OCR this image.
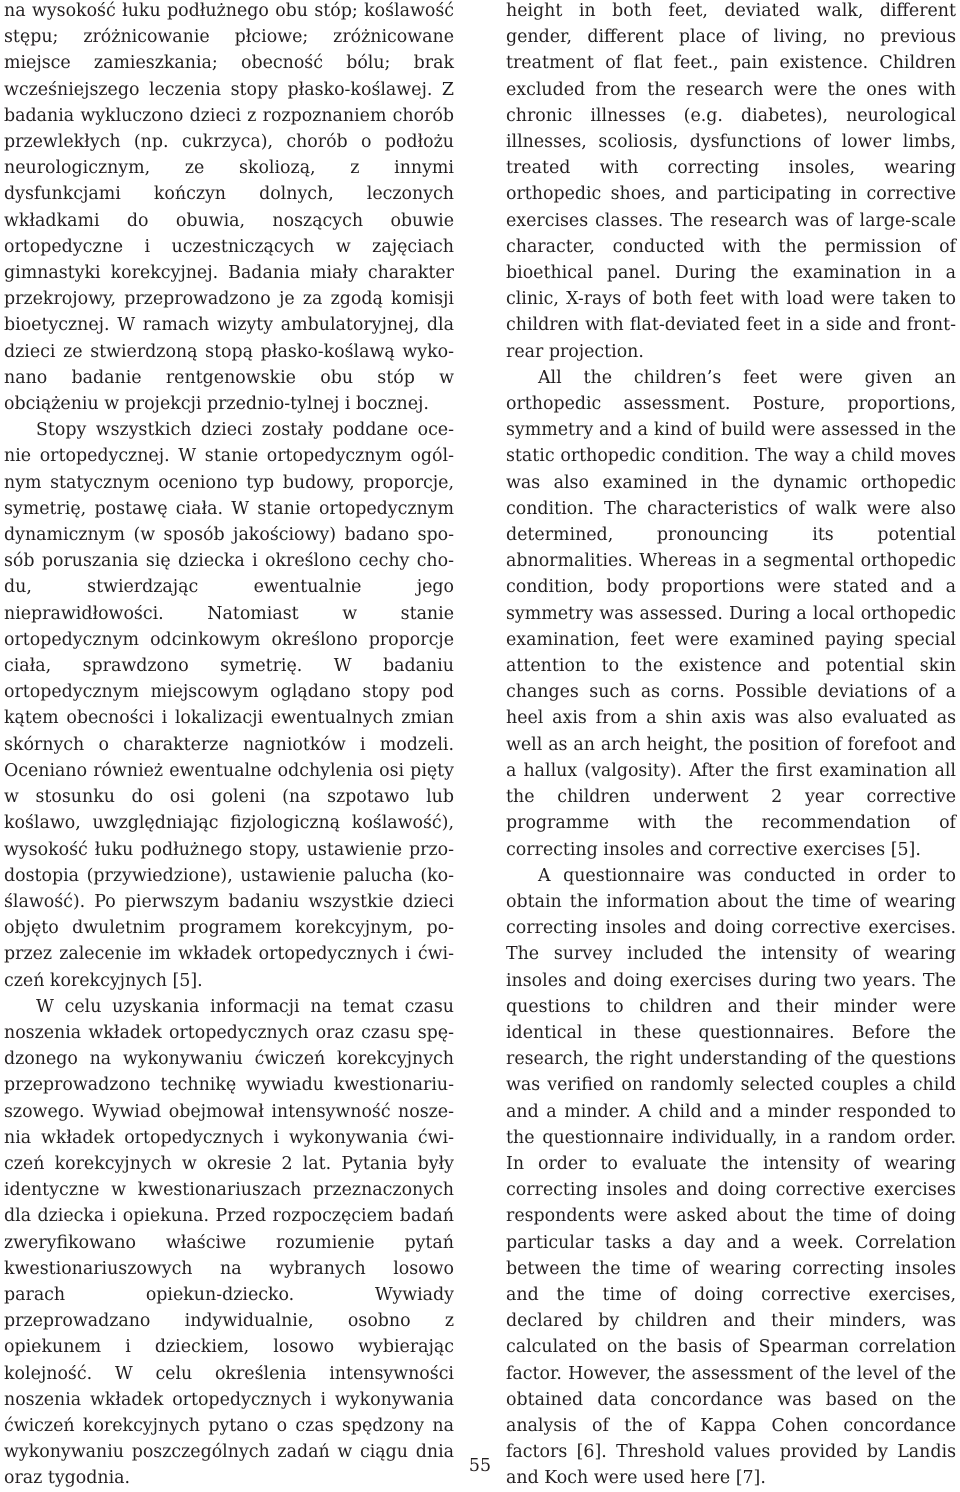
na wysokość łuku podłużnego obu stóp; koślawość stępu; zróżnicowanie płciowe; zróżnicowane miejsce zamieszkania; obecność bólu; brak wcześniejszego leczenia stopy płasko-koślawej. Z badania wykluczono dzieci z rozpoznaniem chorób przewlekłych (np. cukrzyca), chorób o podłożu neurologicznym, ze skoliozą, z innymi dysfunkcjami kończyn dolnych, leczonych wkładkami do obuwia, noszących obuwie ortopedyczne i uczestniczących w zajęciach gimnastyki korekcyjnej. Badania miały charakter przekrojowy, przeprowadzono je za zgodą komisji bioetycznej. W ramach wizyty ambulatoryjnej, dla dzieci ze stwierdzoną stopą płasko-koślawą wykonano badanie rentgenowskie obu stóp w obciążeniu w projekcji przednio-tylnej i bocznej.

Stopy wszystkich dzieci zostały poddane ocenie ortopedycznej. W stanie ortopedycznym ogólnym statycznym oceniono typ budowy, proporcje, symetrię, postawę ciała. W stanie ortopedycznym dynamicznym (w sposób jakościowy) badano sposób poruszania się dziecka i określono cechy chodu, stwierdzając ewentualnie jego nieprawidłowości. Natomiast w stanie ortopedycznym odcinkowym określono proporcje ciała, sprawdzono symetrię. W badaniu ortopedycznym miejscowym oglądano stopy pod kątem obecności i lokalizacji ewentualnych zmian skórnych o charakterze nagniotków i modzeli. Oceniano również ewentualne odchylenia osi pięty w stosunku do osi goleni (na szpotawo lub koślawo, uwzględniając fizjologiczną koślawość), wysokość łuku podłużnego stopy, ustawienie przodostopia (przywiedzione), ustawienie palucha (koślawość). Po pierwszym badaniu wszystkie dzieci objęto dwuletnim programem korekcyjnym, poprzez zalecenie im wkładek ortopedycznych i ćwiczeń korekcyjnych [5].

W celu uzyskania informacji na temat czasu noszenia wkładek ortopedycznych oraz czasu spędzonego na wykonywaniu ćwiczeń korekcyjnych przeprowadzono technikę wywiadu kwestionariuszowego. Wywiad obejmował intensywność noszenia wkładek ortopedycznych i wykonywania ćwiczeń korekcyjnych w okresie 2 lat. Pytania były identyczne w kwestionariuszach przeznaczonych dla dziecka i opiekuna. Przed rozpoczęciem badań zweryfikowano właściwe rozumienie pytań kwestionariuszowych na wybranych losowo parach opiekun-dziecko. Wywiady przeprowadzano indywidualnie, osobno z opiekunem i dzieckiem, losowo wybierając kolejność. W celu określenia intensywności noszenia wkładek ortopedycznych i wykonywania ćwiczeń korekcyjnych pytano o czas spędzony na wykonywaniu poszczególnych zadań w ciągu dnia oraz tygodnia.

height in both feet, deviated walk, different gender, different place of living, no previous treatment of flat feet., pain existence. Children excluded from the research were the ones with chronic illnesses (e.g. diabetes), neurological illnesses, scoliosis, dysfunctions of lower limbs, treated with correcting insoles, wearing orthopedic shoes, and participating in corrective exercises classes. The research was of large-scale character, conducted with the permission of bioethical panel. During the examination in a clinic, X-rays of both feet with load were taken to children with flat-deviated feet in a side and frontrear projection.

All the children’s feet were given an orthopedic assessment. Posture, proportions, symmetry and a kind of build were assessed in the static orthopedic condition. The way a child moves was also examined in the dynamic orthopedic condition. The characteristics of walk were also determined, pronouncing its potential abnormalities. Whereas in a segmental orthopedic condition, body proportions were stated and a symmetry was assessed. During a local orthopedic examination, feet were examined paying special attention to the existence and potential skin changes such as corns. Possible deviations of a heel axis from a shin axis was also evaluated as well as an arch height, the position of forefoot and a hallux (valgosity). After the first examination all the children underwent 2 year corrective programme with the recommendation of correcting insoles and corrective exercises [5].

A questionnaire was conducted in order to obtain the information about the time of wearing correcting insoles and doing corrective exercises. The survey included the intensity of wearing insoles and doing exercises during two years. The questions to children and their minder were identical in these questionnaires. Before the research, the right understanding of the questions was verified on randomly selected couples a child and a minder. A child and a minder responded to the questionnaire individually, in a random order. In order to evaluate the intensity of wearing correcting insoles and doing corrective exercises respondents were asked about the time of doing particular tasks a day and a week. Correlation between the time of wearing correcting insoles and the time of doing corrective exercises, declared by children and their minders, was calculated on the basis of Spearman correlation factor. However, the assessment of the level of the obtained data concordance was based on the analysis of the of Kappa Cohen concordance factors [6]. Threshold values provided by Landis and Koch were used here [7].

55
